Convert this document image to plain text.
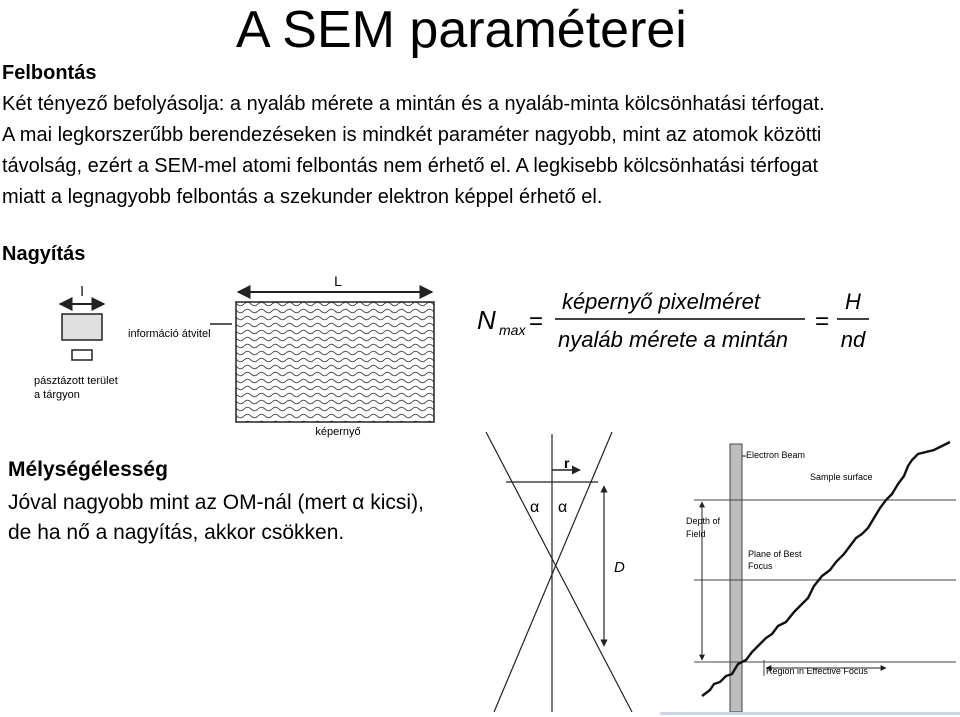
A SEM paraméterei
Felbontás
Két tényező befolyásolja: a nyaláb mérete a mintán és a nyaláb-minta kölcsönhatási térfogat.
A mai legkorszerűbb berendezéseken is mindkét paraméter nagyobb, mint az atomok közötti
távolság, ezért a SEM-mel atomi felbontás nem érhető el. A legkisebb kölcsönhatási térfogat
miatt a legnagyobb felbontás a szekunder elektron képpel érhető el.
Nagyítás
l
pásztázott terület
a tárgyon
információ átvitel
L
képernyő
N max =
képernyő pixelméret
nyaláb mérete a mintán
=
H
nd
Mélységélesség
Jóval nagyobb mint az OM-nál (mert α kicsi),
de ha nő a nagyítás, akkor csökken.
r
α α
D
Electron Beam
Depth of
Field
Plane of Best
Focus
Sample surface
Region in Effective Focus
